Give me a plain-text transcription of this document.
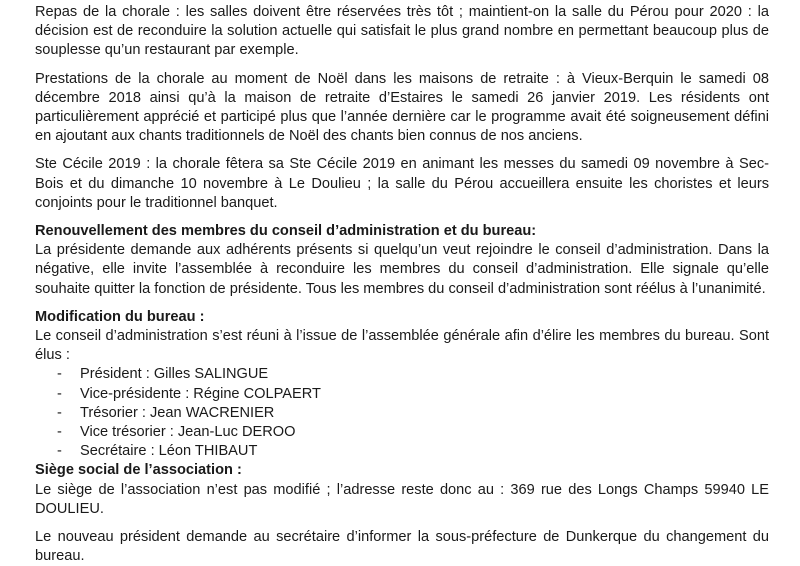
Repas de la chorale : les salles doivent être réservées très tôt ; maintient-on la salle du Pérou pour 2020 : la décision est de reconduire la solution actuelle qui satisfait le plus grand nombre en permettant beaucoup plus de souplesse qu’un restaurant par exemple.

Prestations de la chorale au moment de Noël dans les maisons de retraite : à Vieux-Berquin le samedi 08 décembre 2018 ainsi qu’à la maison de retraite d’Estaires le samedi 26 janvier 2019. Les résidents ont particulièrement apprécié et participé plus que l’année dernière car le programme avait été soigneusement défini en ajoutant aux chants traditionnels de Noël des chants bien connus de nos anciens.

Ste Cécile 2019 : la chorale fêtera sa Ste Cécile 2019 en animant les messes du samedi 09 novembre à Sec-Bois et du dimanche 10 novembre à Le Doulieu ; la salle du Pérou accueillera ensuite les choristes et leurs conjoints pour le traditionnel banquet.

Renouvellement des membres du conseil d’administration et du bureau:

La présidente demande aux adhérents présents si quelqu’un veut rejoindre le conseil d’administration. Dans la négative, elle invite l’assemblée à reconduire les membres du conseil d’administration. Elle signale qu’elle souhaite quitter la fonction de présidente. Tous les membres du conseil d’administration sont réélus à l’unanimité.

Modification du bureau :

Le conseil d’administration s’est réuni à l’issue de l’assemblée générale afin d’élire les membres du bureau. Sont élus :

- Président : Gilles SALINGUE
- Vice-présidente : Régine COLPAERT
- Trésorier : Jean WACRENIER
- Vice trésorier : Jean-Luc DEROO
- Secrétaire : Léon THIBAUT

Siège social de l’association :

Le siège de l’association n’est pas modifié ; l’adresse reste donc au : 369 rue des Longs Champs 59940 LE DOULIEU.

Le nouveau président demande au secrétaire d’informer la sous-préfecture de Dunkerque du changement du bureau.
